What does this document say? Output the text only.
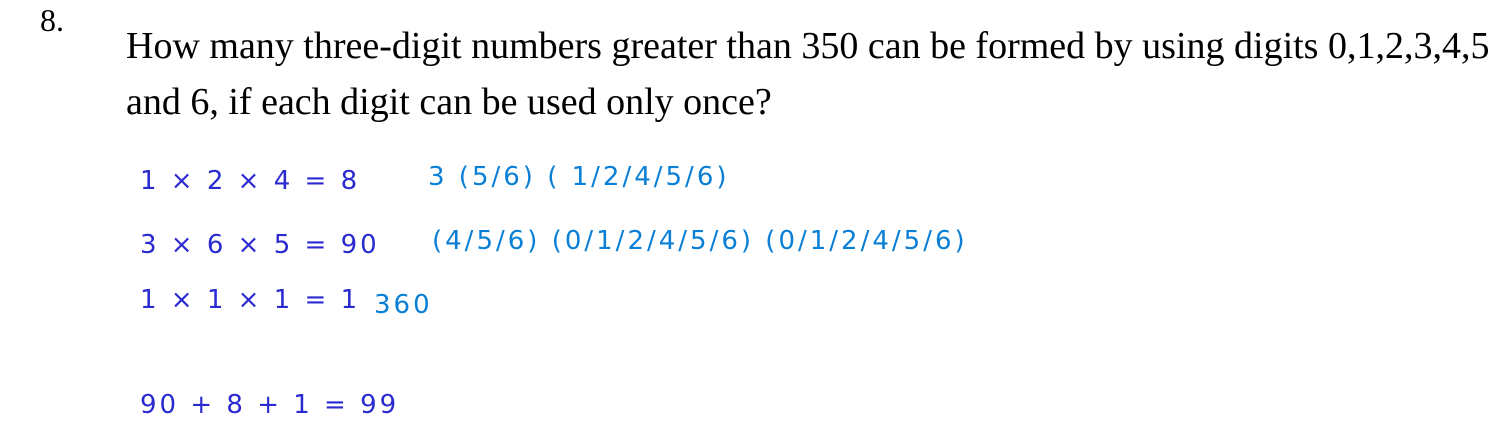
8.
How many three-digit numbers greater than 350 can be formed by using digits 0,1,2,3,4,5
and 6, if each digit can be used only once?
1 × 2 × 4 = 8	3 (5/6) ( 1/2/4/5/6)
3 × 6 × 5 = 90 (4/5/6) (0/1/2/4/5/6) (0/1/2/4/5/6)
1 × 1 × 1 = 1 360
90 + 8 + 1 = 99
